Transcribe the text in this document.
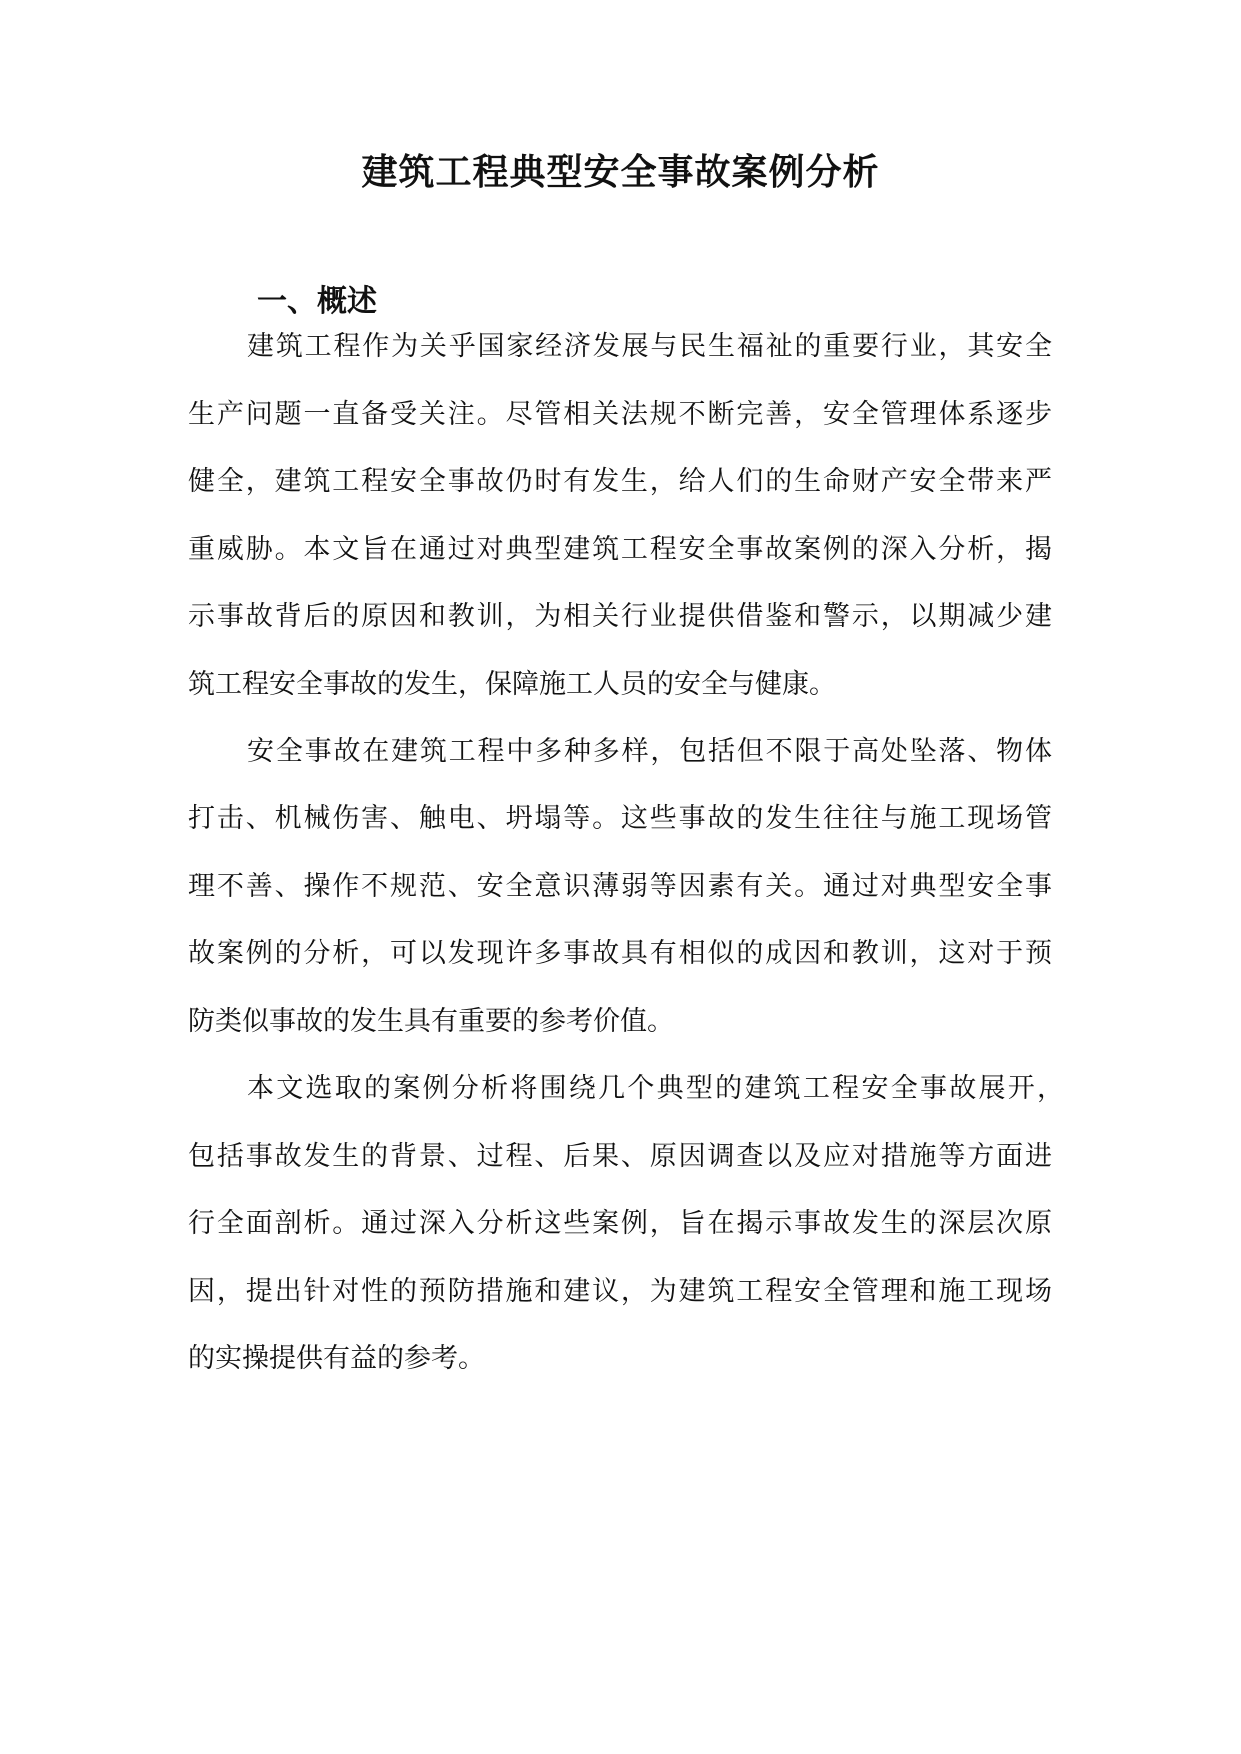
建筑工程典型安全事故案例分析
一、概述
建筑工程作为关乎国家经济发展与民生福祉的重要行业，其安全
生产问题一直备受关注。尽管相关法规不断完善，安全管理体系逐步
健全，建筑工程安全事故仍时有发生，给人们的生命财产安全带来严
重威胁。本文旨在通过对典型建筑工程安全事故案例的深入分析，揭
示事故背后的原因和教训，为相关行业提供借鉴和警示，以期减少建
筑工程安全事故的发生，保障施工人员的安全与健康。
安全事故在建筑工程中多种多样，包括但不限于高处坠落、物体
打击、机械伤害、触电、坍塌等。这些事故的发生往往与施工现场管
理不善、操作不规范、安全意识薄弱等因素有关。通过对典型安全事
故案例的分析，可以发现许多事故具有相似的成因和教训，这对于预
防类似事故的发生具有重要的参考价值。
本文选取的案例分析将围绕几个典型的建筑工程安全事故展开，
包括事故发生的背景、过程、后果、原因调查以及应对措施等方面进
行全面剖析。通过深入分析这些案例，旨在揭示事故发生的深层次原
因，提出针对性的预防措施和建议，为建筑工程安全管理和施工现场
的实操提供有益的参考。
